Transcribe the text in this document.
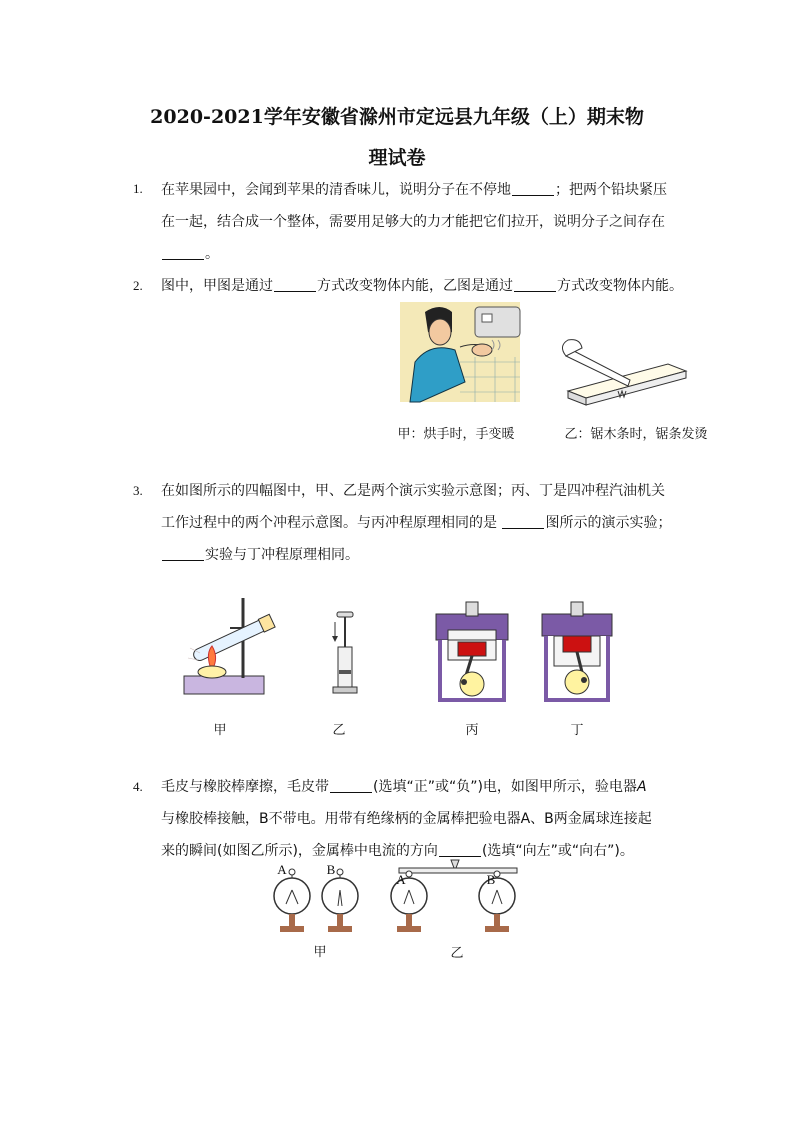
2020-2021学年安徽省滁州市定远县九年级（上）期末物
理试卷
1. 在苹果园中，会闻到苹果的清香味儿，说明分子在不停地	；把两个铅块紧压
在一起，结合成一个整体，需要用足够大的力才能把它们拉开，说明分子之间存在
。
2. 图中，甲图是通过	方式改变物体内能，乙图是通过	方式改变物体内能。
甲：烘手时，手变暖	乙：锯木条时，锯条发烫
3. 在如图所示的四幅图中，甲、乙是两个演示实验示意图；丙、丁是四冲程汽油机关
工作过程中的两个冲程示意图。与丙冲程原理相同的是	图所示的演示实验；
实验与丁冲程原理相同。
甲	乙	丙	丁
4. 毛皮与橡胶棒摩擦，毛皮带	(选填“正”或“负”)电，如图甲所示，验电器A
与橡胶棒接触，B不带电。用带有绝缘柄的金属棒把验电器A、B两金属球连接起
来的瞬间(如图乙所示)，金属棒中电流的方向	(选填“向左”或“向右”)。
A	B
A	B
甲	乙
